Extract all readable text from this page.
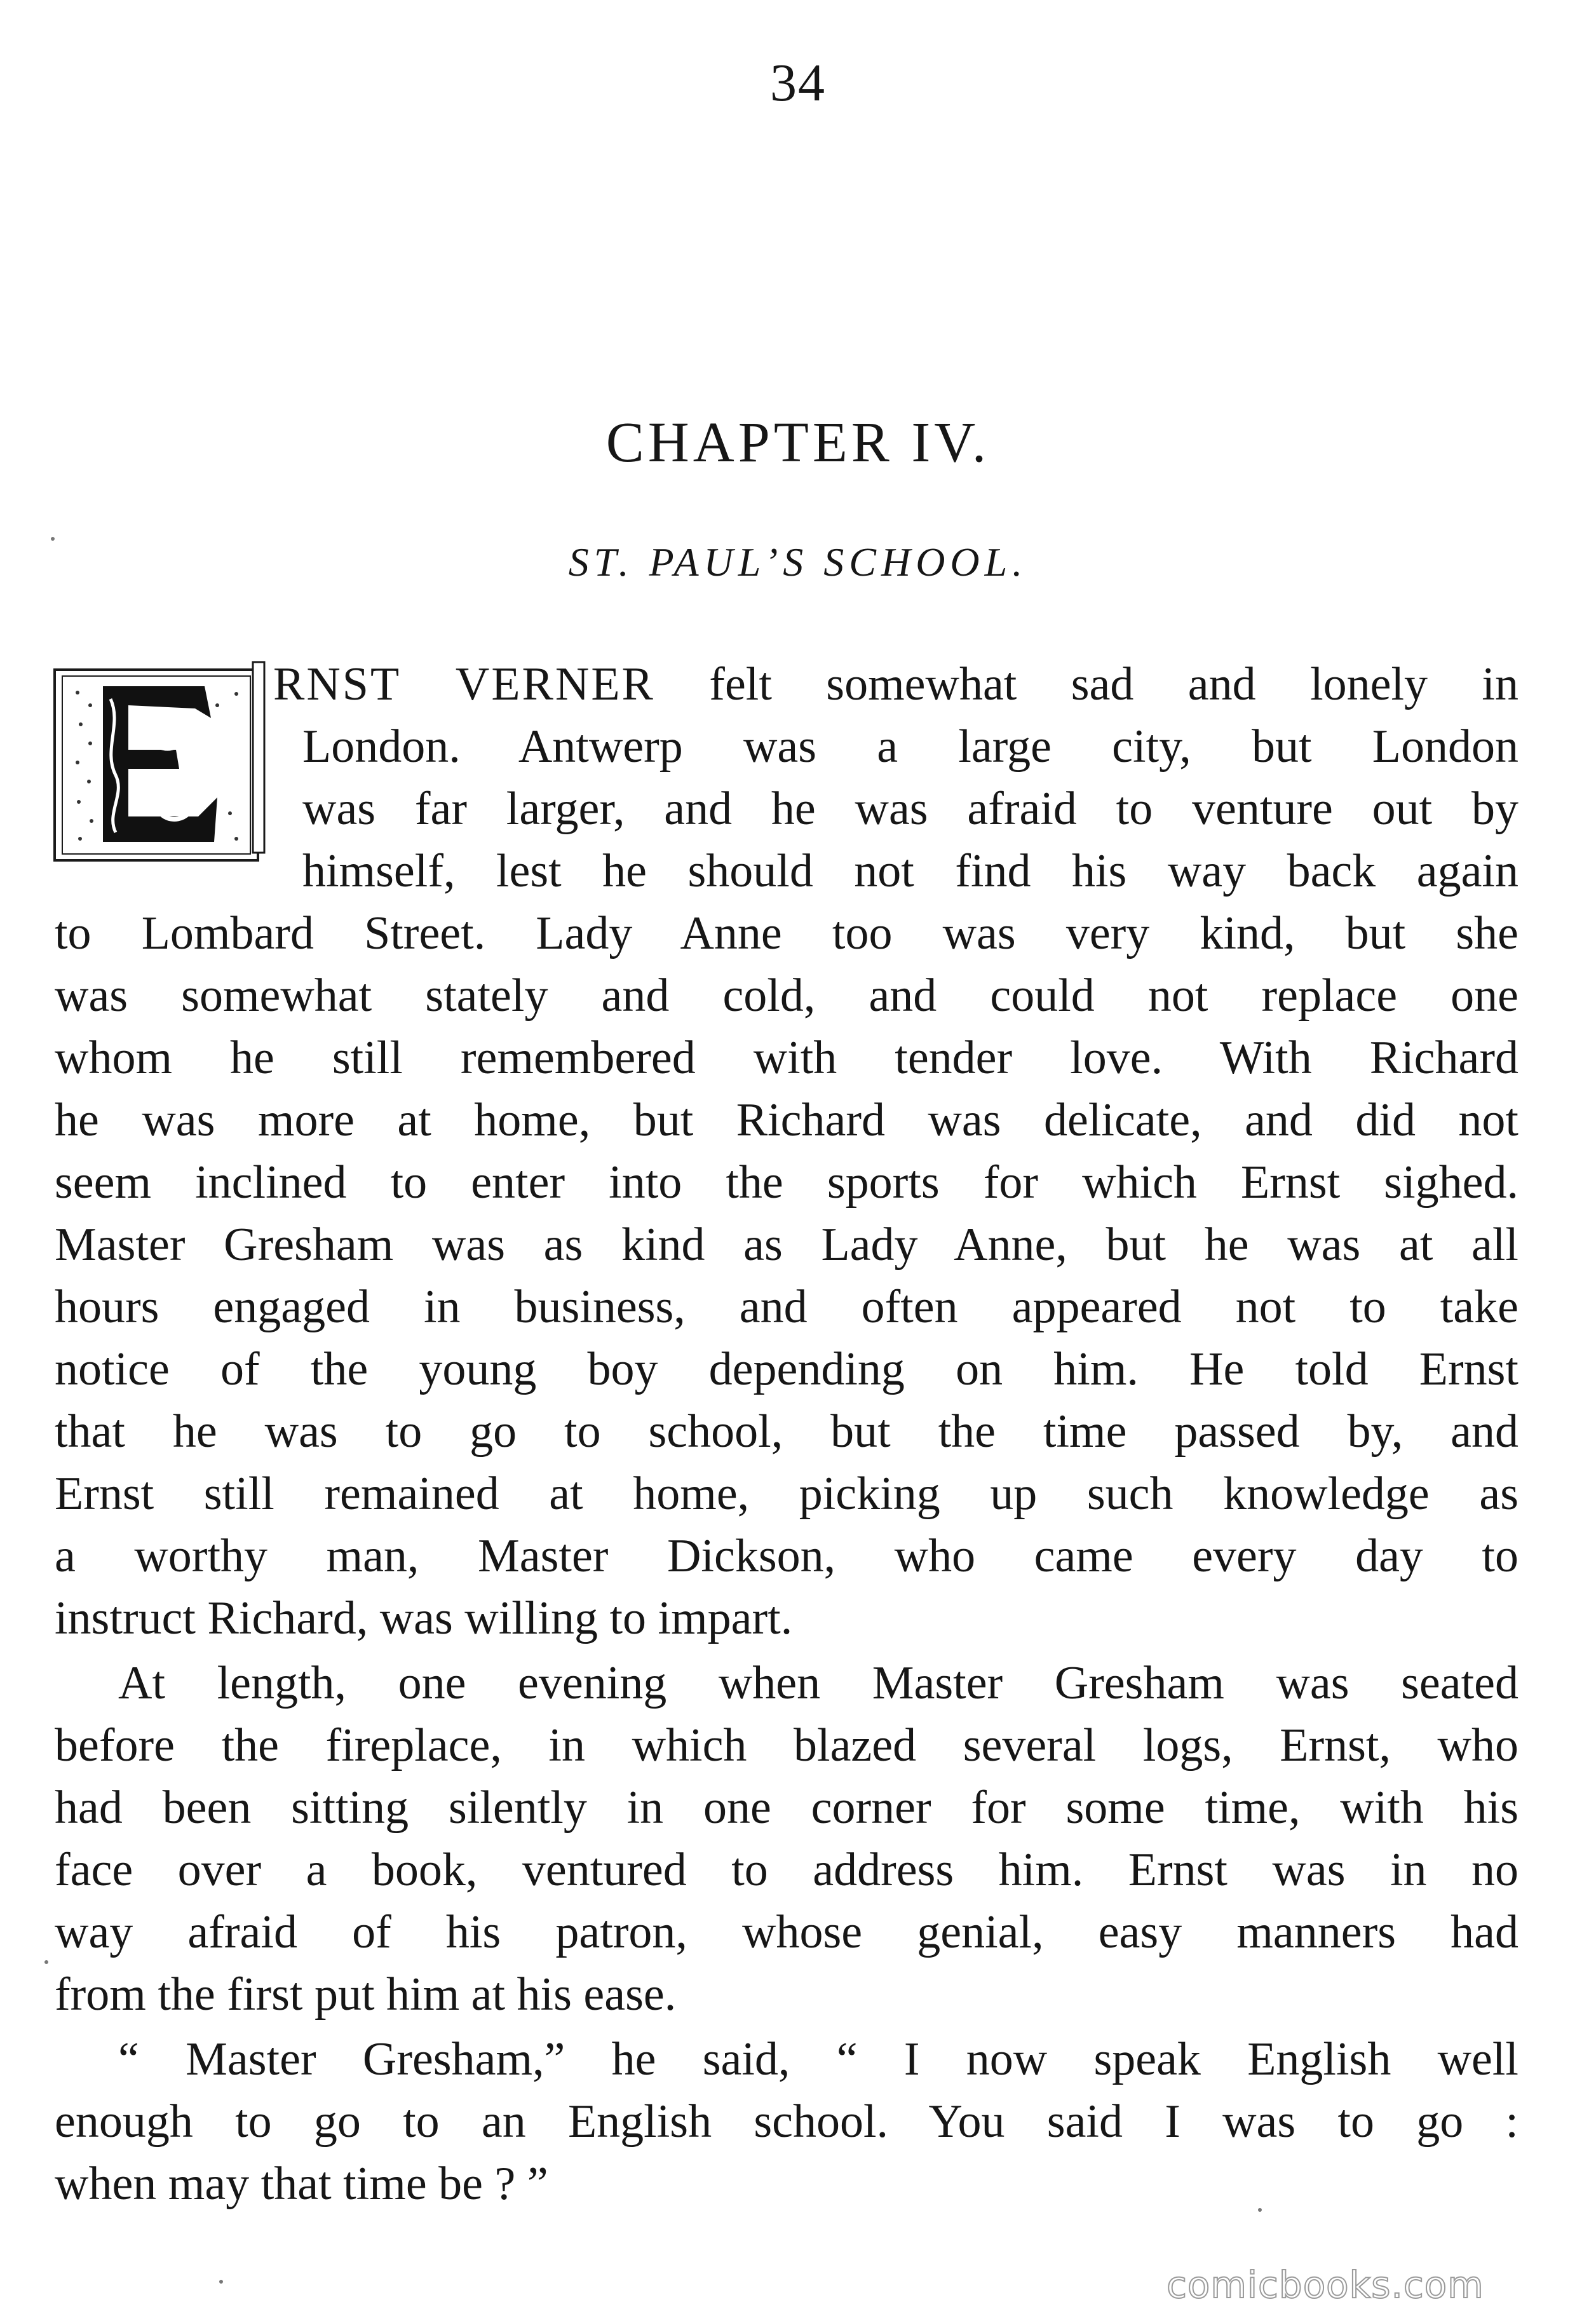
34
CHAPTER IV.
ST. PAUL’S SCHOOL.
RNST VERNER felt somewhat sad and lonely in
London. Antwerp was a large city, but London
was far larger, and he was afraid to venture out by
himself, lest he should not find his way back again
to Lombard Street. Lady Anne too was very kind, but she
was somewhat stately and cold, and could not replace one
whom he still remembered with tender love. With Richard
he was more at home, but Richard was delicate, and did not
seem inclined to enter into the sports for which Ernst sighed.
Master Gresham was as kind as Lady Anne, but he was at all
hours engaged in business, and often appeared not to take
notice of the young boy depending on him. He told Ernst
that he was to go to school, but the time passed by, and
Ernst still remained at home, picking up such knowledge as
a worthy man, Master Dickson, who came every day to
instruct Richard, was willing to impart.
At length, one evening when Master Gresham was seated
before the fireplace, in which blazed several logs, Ernst, who
had been sitting silently in one corner for some time, with his
face over a book, ventured to address him. Ernst was in no
way afraid of his patron, whose genial, easy manners had
from the first put him at his ease.
“ Master Gresham,” he said, “ I now speak English well
enough to go to an English school. You said I was to go :
when may that time be ? ”
comicbooks.com
